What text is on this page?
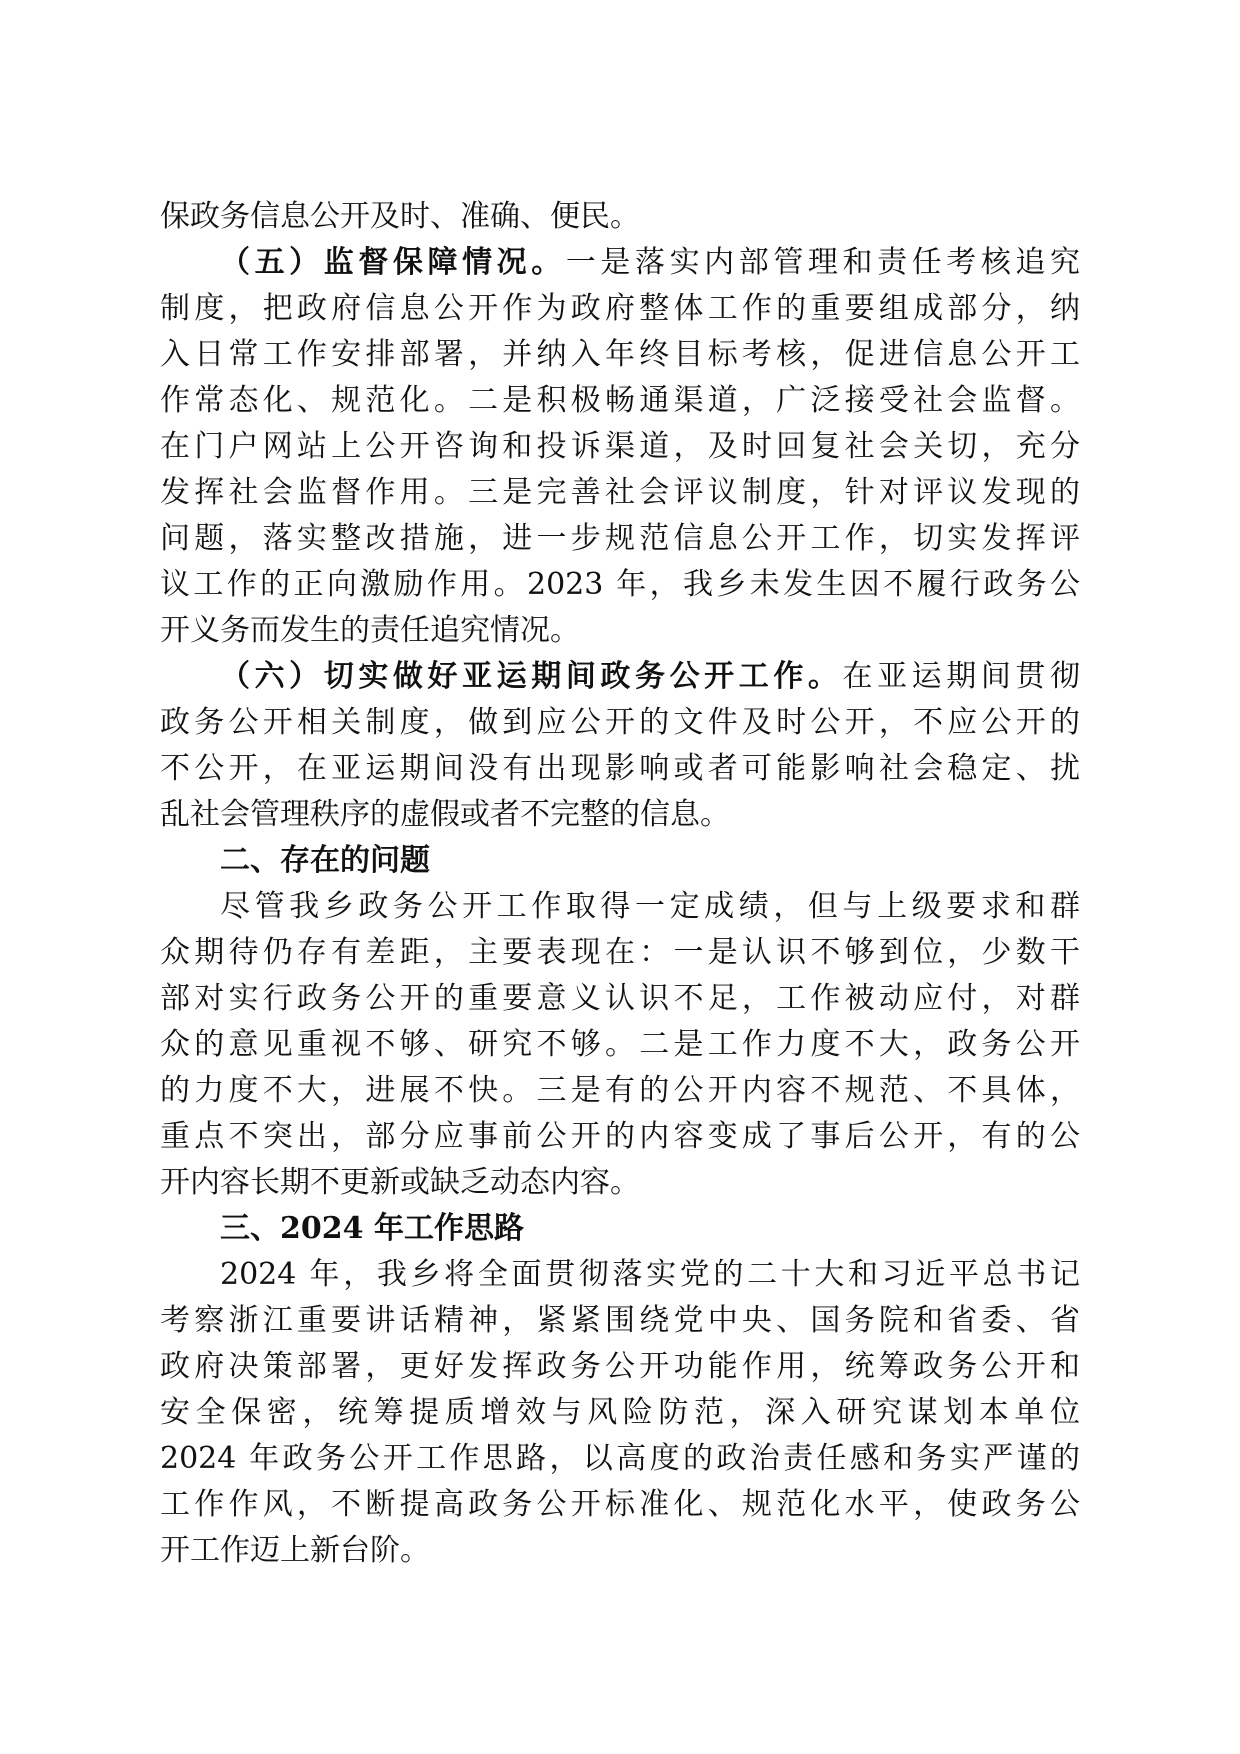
保政务信息公开及时、准确、便民。
（五）监督保障情况。一是落实内部管理和责任考核追究
制度，把政府信息公开作为政府整体工作的重要组成部分，纳
入日常工作安排部署，并纳入年终目标考核，促进信息公开工
作常态化、规范化。二是积极畅通渠道，广泛接受社会监督。
在门户网站上公开咨询和投诉渠道，及时回复社会关切，充分
发挥社会监督作用。三是完善社会评议制度，针对评议发现的
问题，落实整改措施，进一步规范信息公开工作，切实发挥评
议工作的正向激励作用。2023 年，我乡未发生因不履行政务公
开义务而发生的责任追究情况。
（六）切实做好亚运期间政务公开工作。在亚运期间贯彻
政务公开相关制度，做到应公开的文件及时公开，不应公开的
不公开，在亚运期间没有出现影响或者可能影响社会稳定、扰
乱社会管理秩序的虚假或者不完整的信息。
二、存在的问题
尽管我乡政务公开工作取得一定成绩，但与上级要求和群
众期待仍存有差距，主要表现在：一是认识不够到位，少数干
部对实行政务公开的重要意义认识不足，工作被动应付，对群
众的意见重视不够、研究不够。二是工作力度不大，政务公开
的力度不大，进展不快。三是有的公开内容不规范、不具体，
重点不突出，部分应事前公开的内容变成了事后公开，有的公
开内容长期不更新或缺乏动态内容。
三、2024 年工作思路
2024 年，我乡将全面贯彻落实党的二十大和习近平总书记
考察浙江重要讲话精神，紧紧围绕党中央、国务院和省委、省
政府决策部署，更好发挥政务公开功能作用，统筹政务公开和
安全保密，统筹提质增效与风险防范，深入研究谋划本单位
2024 年政务公开工作思路，以高度的政治责任感和务实严谨的
工作作风，不断提高政务公开标准化、规范化水平，使政务公
开工作迈上新台阶。
